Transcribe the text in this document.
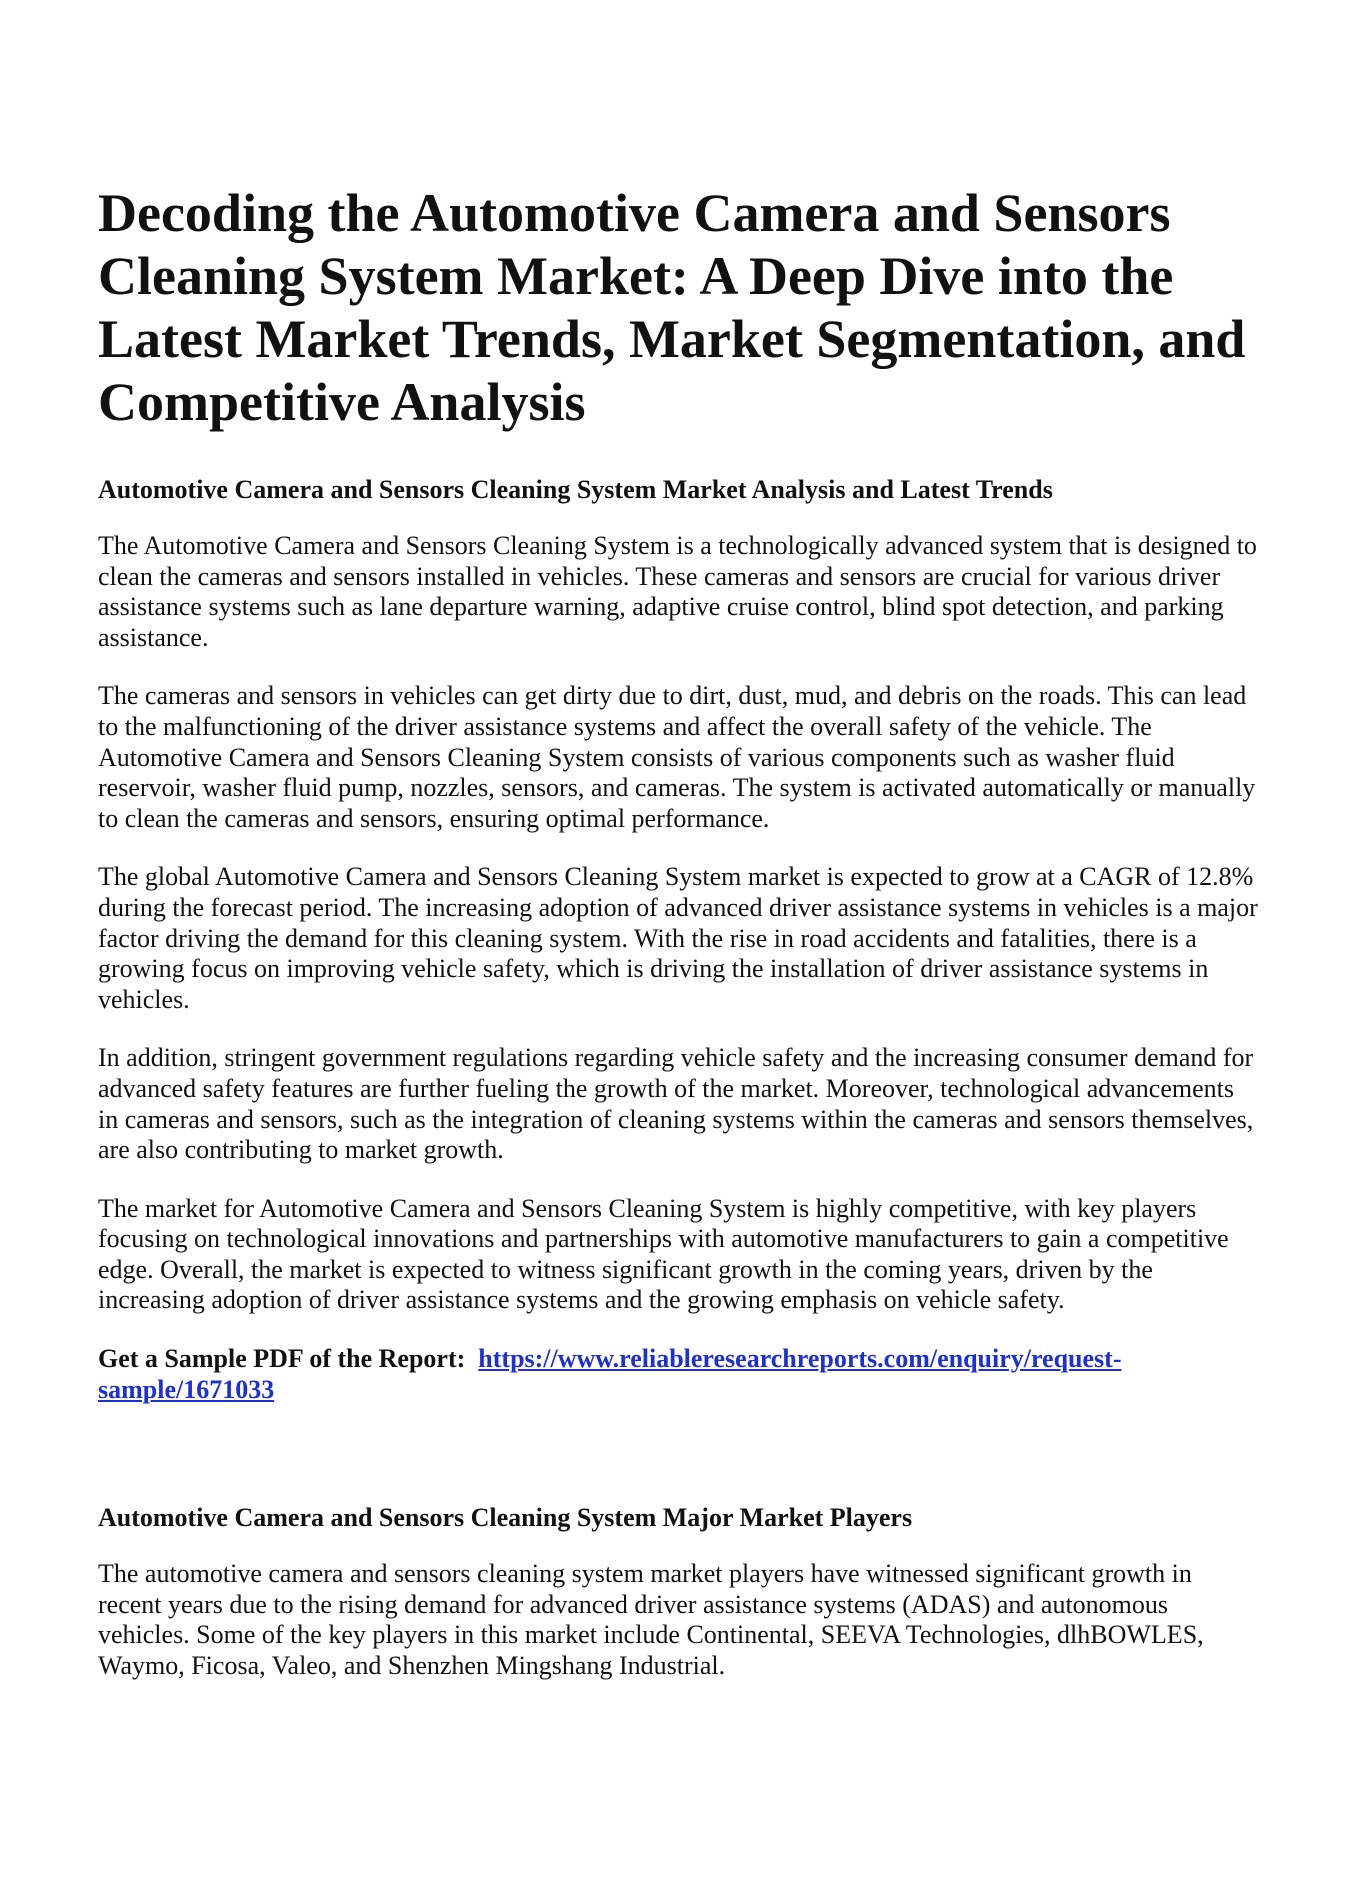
Decoding the Automotive Camera and Sensors Cleaning System Market: A Deep Dive into the Latest Market Trends, Market Segmentation, and Competitive Analysis
Automotive Camera and Sensors Cleaning System Market Analysis and Latest Trends

The Automotive Camera and Sensors Cleaning System is a technologically advanced system that is designed to clean the cameras and sensors installed in vehicles. These cameras and sensors are crucial for various driver assistance systems such as lane departure warning, adaptive cruise control, blind spot detection, and parking assistance.

The cameras and sensors in vehicles can get dirty due to dirt, dust, mud, and debris on the roads. This can lead to the malfunctioning of the driver assistance systems and affect the overall safety of the vehicle. The Automotive Camera and Sensors Cleaning System consists of various components such as washer fluid reservoir, washer fluid pump, nozzles, sensors, and cameras. The system is activated automatically or manually to clean the cameras and sensors, ensuring optimal performance.

The global Automotive Camera and Sensors Cleaning System market is expected to grow at a CAGR of 12.8% during the forecast period. The increasing adoption of advanced driver assistance systems in vehicles is a major factor driving the demand for this cleaning system. With the rise in road accidents and fatalities, there is a growing focus on improving vehicle safety, which is driving the installation of driver assistance systems in vehicles.

In addition, stringent government regulations regarding vehicle safety and the increasing consumer demand for advanced safety features are further fueling the growth of the market. Moreover, technological advancements in cameras and sensors, such as the integration of cleaning systems within the cameras and sensors themselves, are also contributing to market growth.

The market for Automotive Camera and Sensors Cleaning System is highly competitive, with key players focusing on technological innovations and partnerships with automotive manufacturers to gain a competitive edge. Overall, the market is expected to witness significant growth in the coming years, driven by the increasing adoption of driver assistance systems and the growing emphasis on vehicle safety.

Get a Sample PDF of the Report: https://www.reliableresearchreports.com/enquiry/request-sample/1671033

Automotive Camera and Sensors Cleaning System Major Market Players

The automotive camera and sensors cleaning system market players have witnessed significant growth in recent years due to the rising demand for advanced driver assistance systems (ADAS) and autonomous vehicles. Some of the key players in this market include Continental, SEEVA Technologies, dlhBOWLES, Waymo, Ficosa, Valeo, and Shenzhen Mingshang Industrial.
